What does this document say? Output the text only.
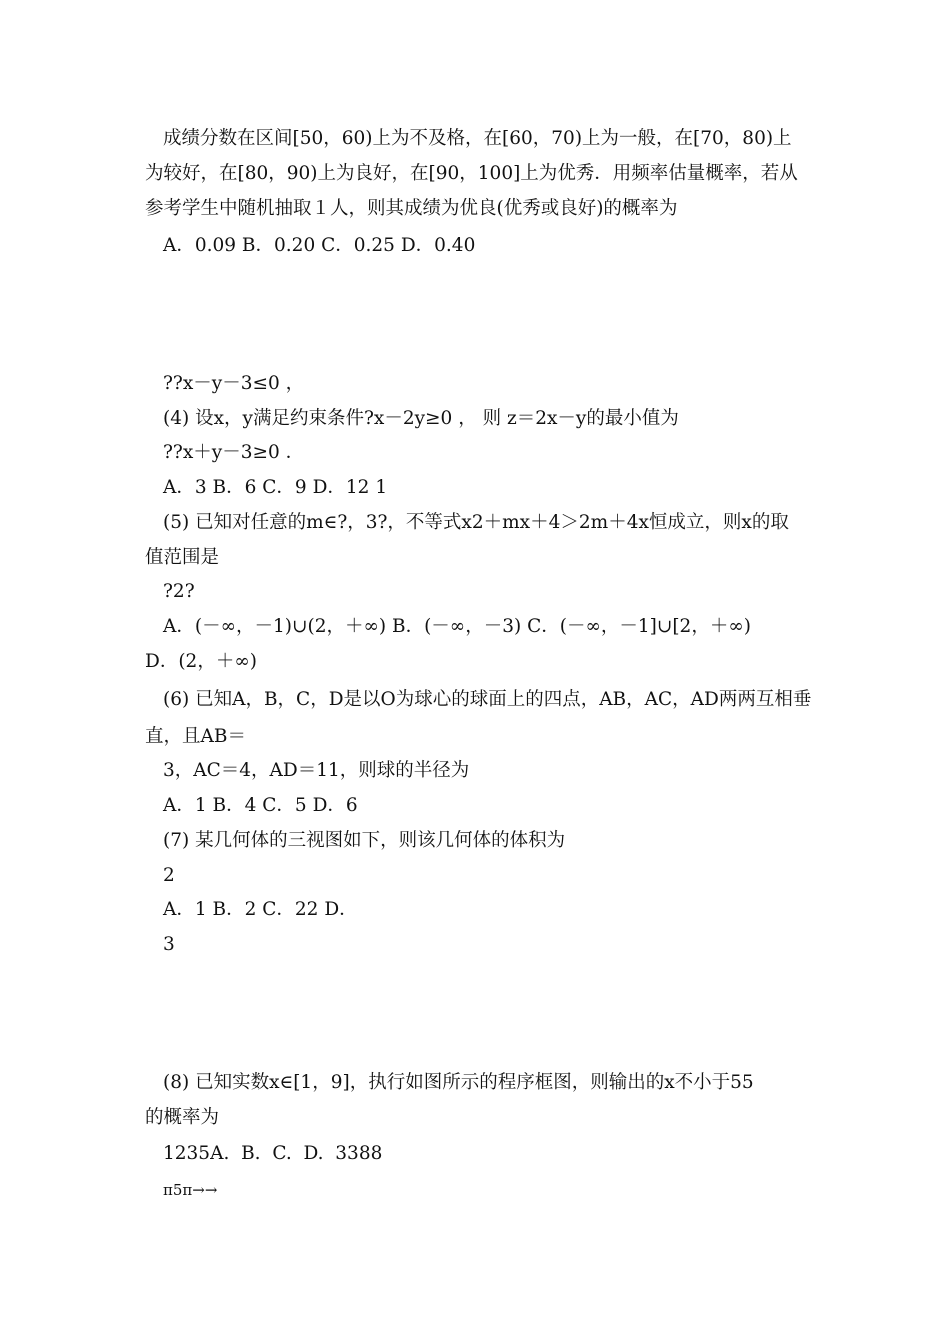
成绩分数在区间[50，60)上为不及格，在[60，70)上为一般，在[70，80)上
为较好，在[80，90)上为良好，在[90，100]上为优秀．用频率估量概率，若从
参考学生中随机抽取１人，则其成绩为优良(优秀或良好)的概率为
A．0.09 B．0.20 C．0.25 D．0.40
??x－y－3≤0 ，
(4) 设x，y满足约束条件?x－2y≥0 ， 则 z＝2x－y的最小值为
??x＋y－3≥0 ．
A．3 B．6 C．9 D．12 1
(5) 已知对任意的m∈?，3?，不等式x2＋mx＋4＞2m＋4x恒成立，则x的取
值范围是
?2?
A．(－∞，－1)∪(2，＋∞) B．(－∞，－3) C．(－∞，－1]∪[2，＋∞)
D．(2，＋∞)
(6) 已知A，B，C，D是以O为球心的球面上的四点，AB，AC，AD两两互相垂
直，且AB＝
3，AC＝4，AD＝11，则球的半径为
A．1 B．4 C．5 D．6
(7) 某几何体的三视图如下，则该几何体的体积为
2
A．1 B．2 C．22 D．
3
(8) 已知实数x∈[1，9]，执行如图所示的程序框图，则输出的x不小于55
的概率为
1235A.  B.  C.  D.  3388
π5π→→
